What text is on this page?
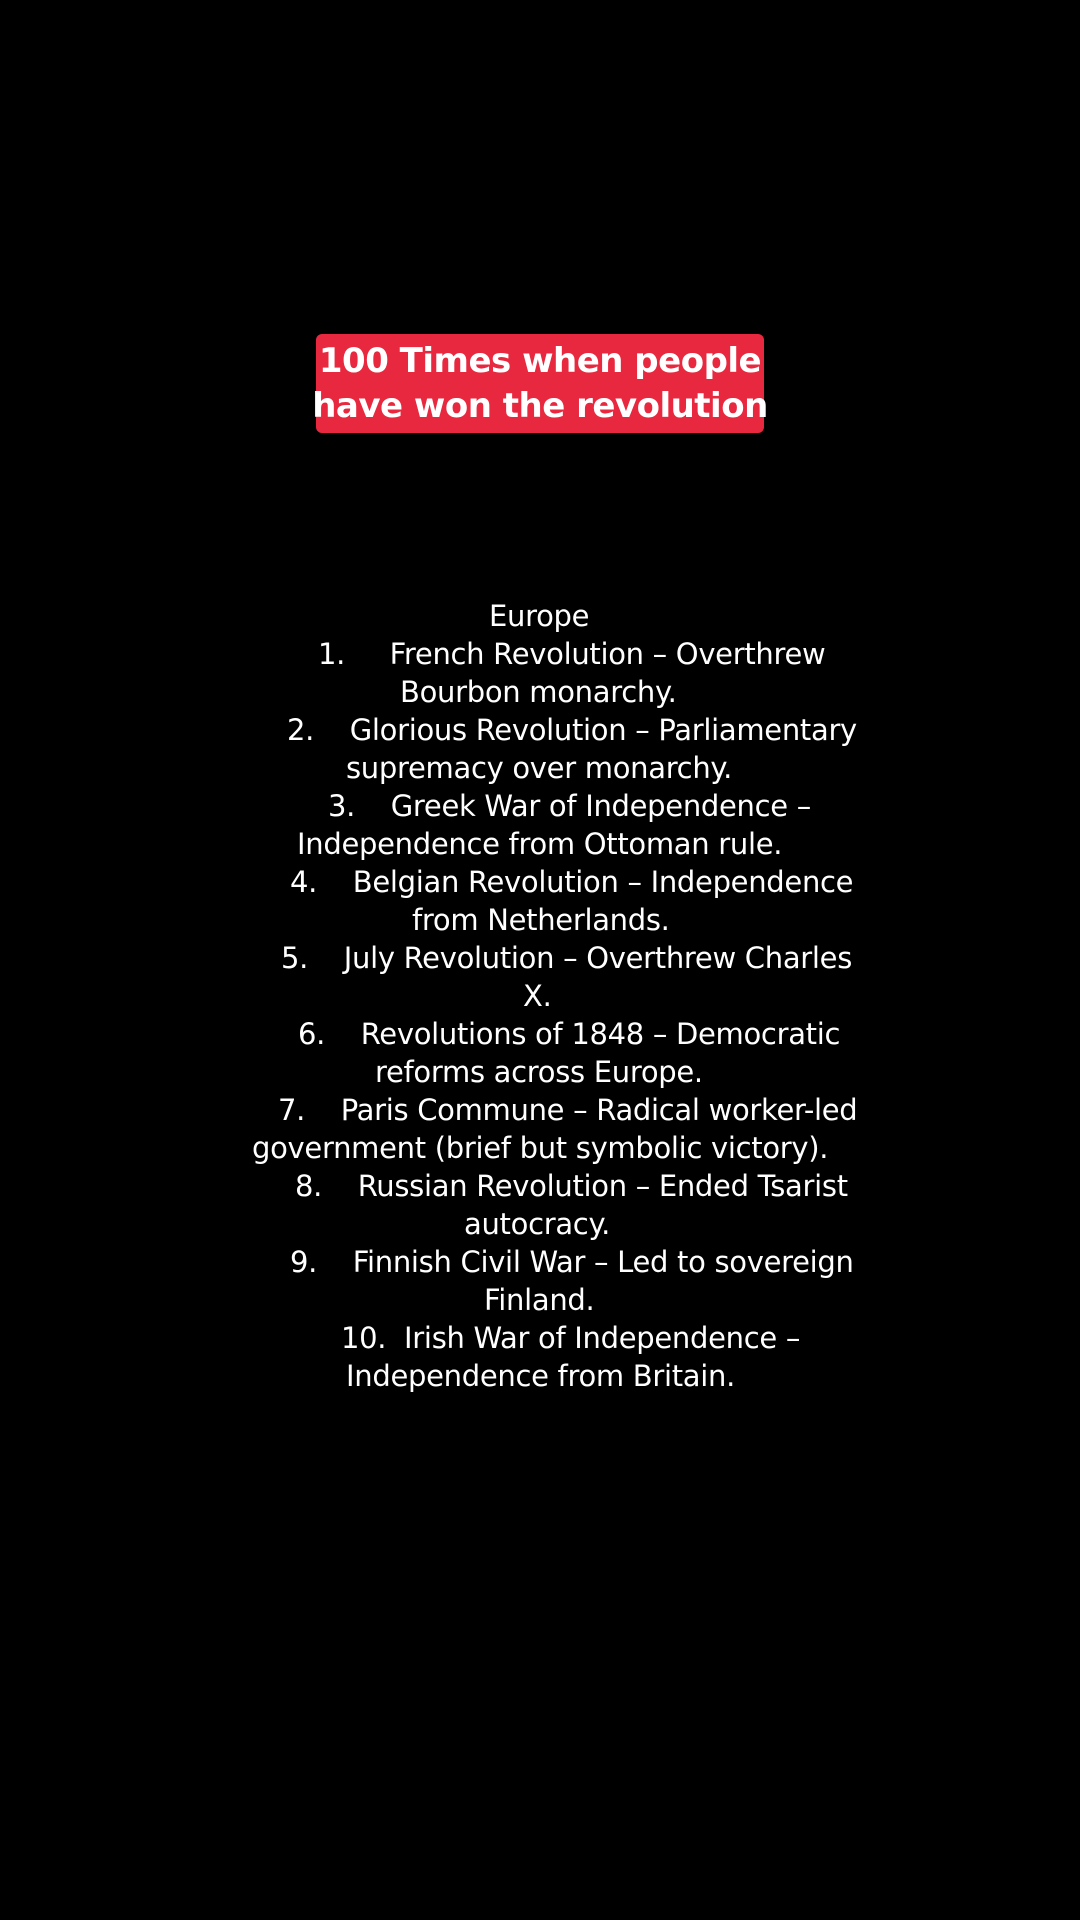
100 Times when people
have won the revolution
Europe
1.     French Revolution – Overthrew
Bourbon monarchy.
2.    Glorious Revolution – Parliamentary
supremacy over monarchy.
3.    Greek War of Independence –
Independence from Ottoman rule.
4.    Belgian Revolution – Independence
from Netherlands.
5.    July Revolution – Overthrew Charles
X.
6.    Revolutions of 1848 – Democratic
reforms across Europe.
7.    Paris Commune – Radical worker-led
government (brief but symbolic victory).
8.    Russian Revolution – Ended Tsarist
autocracy.
9.    Finnish Civil War – Led to sovereign
Finland.
10.  Irish War of Independence –
Independence from Britain.
